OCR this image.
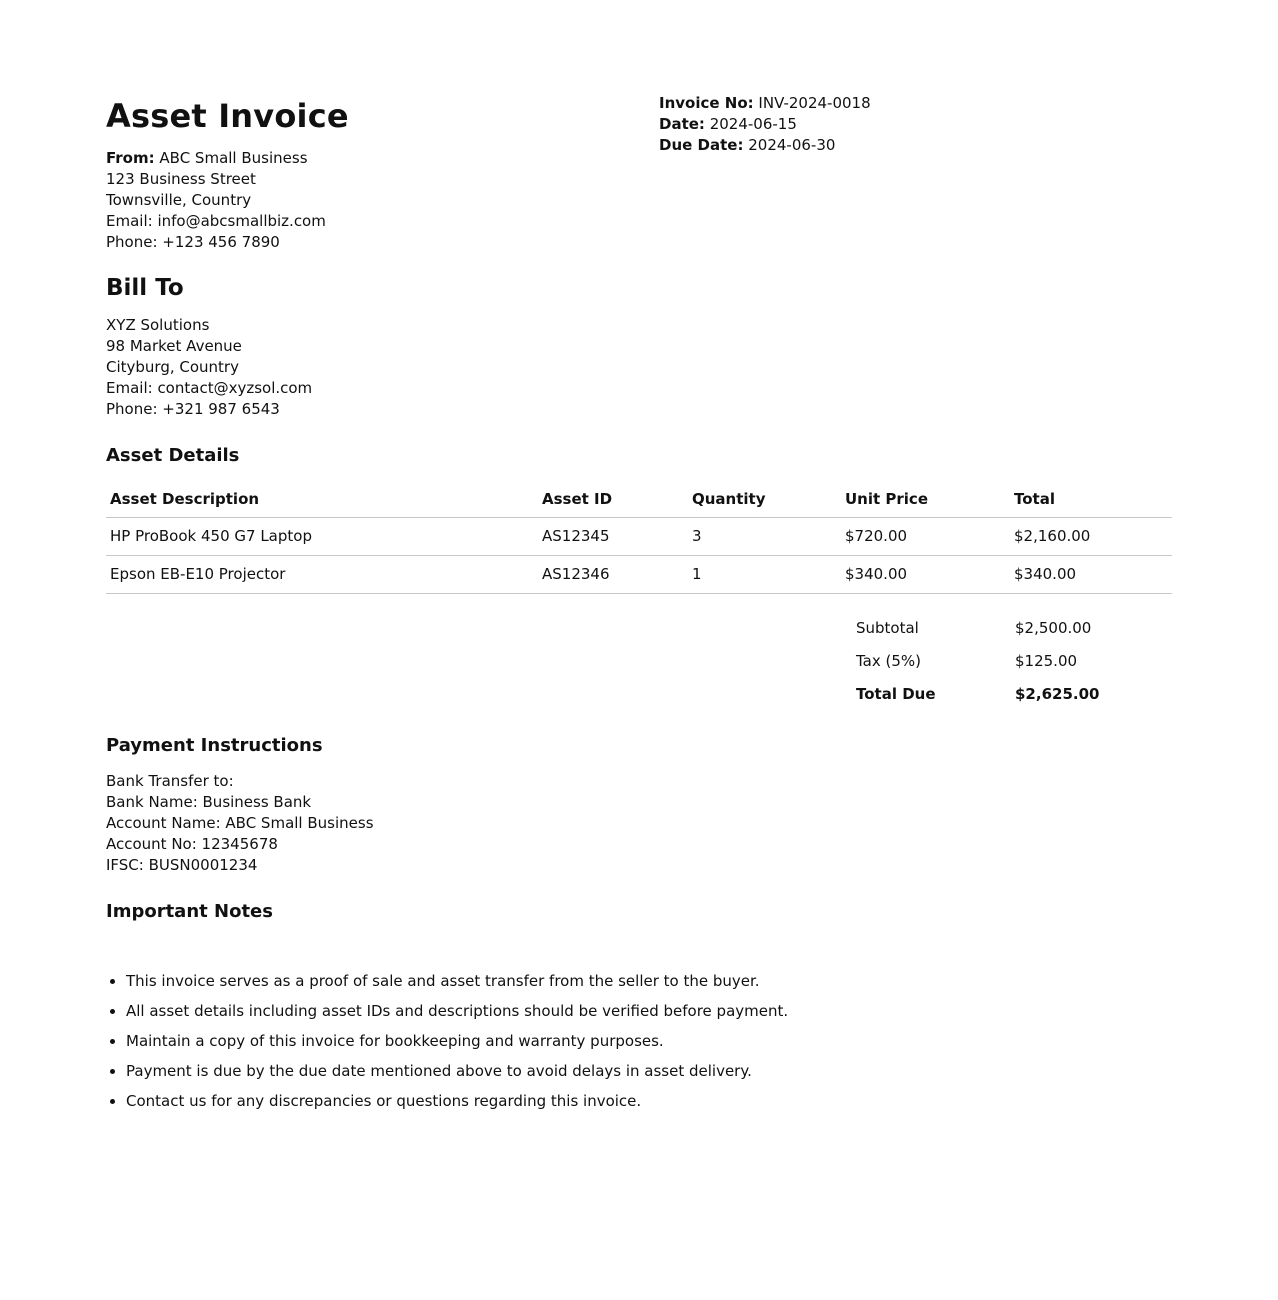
Asset Invoice	Invoice No: INV-2024-0018
Date: 2024-06-15
Due Date: 2024-06-30
From: ABC Small Business
123 Business Street
Townsville, Country
Email: info@abcsmallbiz.com
Phone: +123 456 7890
Bill To
XYZ Solutions
98 Market Avenue
Cityburg, Country
Email: contact@xyzsol.com
Phone: +321 987 6543
Asset Details
Asset Description	Asset ID	Quantity	Unit Price	Total
HP ProBook 450 G7 Laptop	AS12345	3	$720.00	$2,160.00
Epson EB-E10 Projector	AS12346	1	$340.00	$340.00
Subtotal	$2,500.00
Tax (5%)	$125.00
Total Due	$2,625.00
Payment Instructions
Bank Transfer to:
Bank Name: Business Bank
Account Name: ABC Small Business
Account No: 12345678
IFSC: BUSN0001234
Important Notes
• This invoice serves as a proof of sale and asset transfer from the seller to the buyer.
• All asset details including asset IDs and descriptions should be verified before payment.
• Maintain a copy of this invoice for bookkeeping and warranty purposes.
• Payment is due by the due date mentioned above to avoid delays in asset delivery.
• Contact us for any discrepancies or questions regarding this invoice.
